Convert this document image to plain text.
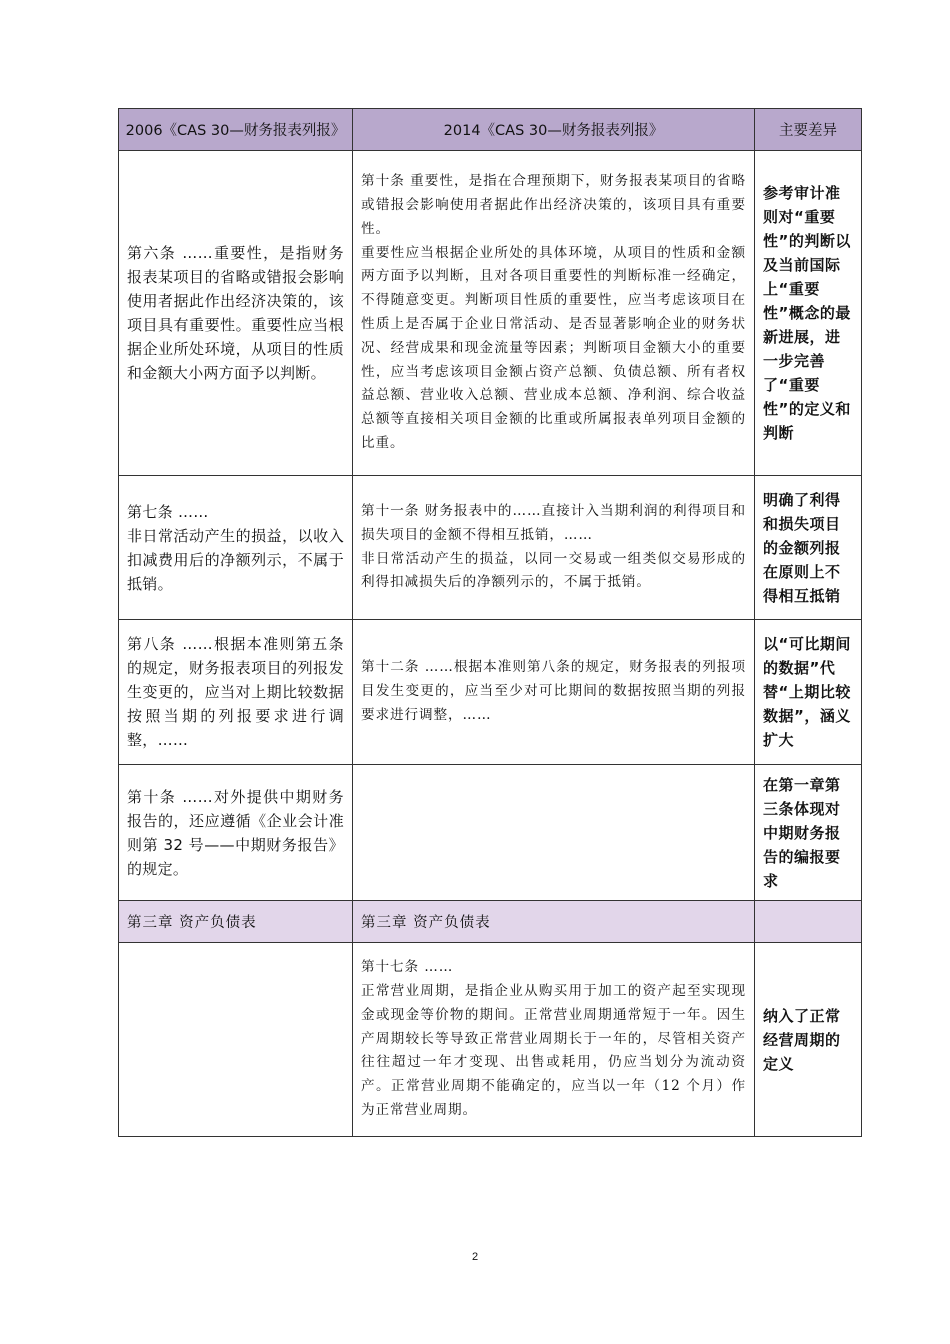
2006《CAS 30—财务报表列报》	2014《CAS 30—财务报表列报》	主要差异

第六条 ……重要性，是指财务报表某项目的省略或错报会影响使用者据此作出经济决策的，该项目具有重要性。重要性应当根据企业所处环境，从项目的性质和金额大小两方面予以判断。	第十条 重要性，是指在合理预期下，财务报表某项目的省略或错报会影响使用者据此作出经济决策的，该项目具有重要性。
重要性应当根据企业所处的具体环境，从项目的性质和金额两方面予以判断，且对各项目重要性的判断标准一经确定，不得随意变更。判断项目性质的重要性，应当考虑该项目在性质上是否属于企业日常活动、是否显著影响企业的财务状况、经营成果和现金流量等因素；判断项目金额大小的重要性，应当考虑该项目金额占资产总额、负债总额、所有者权益总额、营业收入总额、营业成本总额、净利润、综合收益总额等直接相关项目金额的比重或所属报表单列项目金额的比重。	参考审计准则对“重要性”的判断以及当前国际上“重要性”概念的最新进展，进一步完善了“重要性”的定义和判断

第七条 ……
非日常活动产生的损益，以收入扣减费用后的净额列示，不属于抵销。	第十一条 财务报表中的……直接计入当期利润的利得项目和损失项目的金额不得相互抵销，……
非日常活动产生的损益，以同一交易或一组类似交易形成的利得扣减损失后的净额列示的，不属于抵销。	明确了利得和损失项目的金额列报在原则上不得相互抵销

第八条 ……根据本准则第五条的规定，财务报表项目的列报发生变更的，应当对上期比较数据按照当期的列报要求进行调整，……	第十二条 ……根据本准则第八条的规定，财务报表的列报项目发生变更的，应当至少对可比期间的数据按照当期的列报要求进行调整，……	以“可比期间的数据”代替“上期比较数据”，涵义扩大

第十条 ……对外提供中期财务报告的，还应遵循《企业会计准则第 32 号——中期财务报告》的规定。		在第一章第三条体现对中期财务报告的编报要求

第三章 资产负债表	第三章 资产负债表	

	第十七条 ……
正常营业周期，是指企业从购买用于加工的资产起至实现现金或现金等价物的期间。正常营业周期通常短于一年。因生产周期较长等导致正常营业周期长于一年的，尽管相关资产往往超过一年才变现、出售或耗用，仍应当划分为流动资产。正常营业周期不能确定的，应当以一年（12 个月）作为正常营业周期。	纳入了正常经营周期的定义
2
